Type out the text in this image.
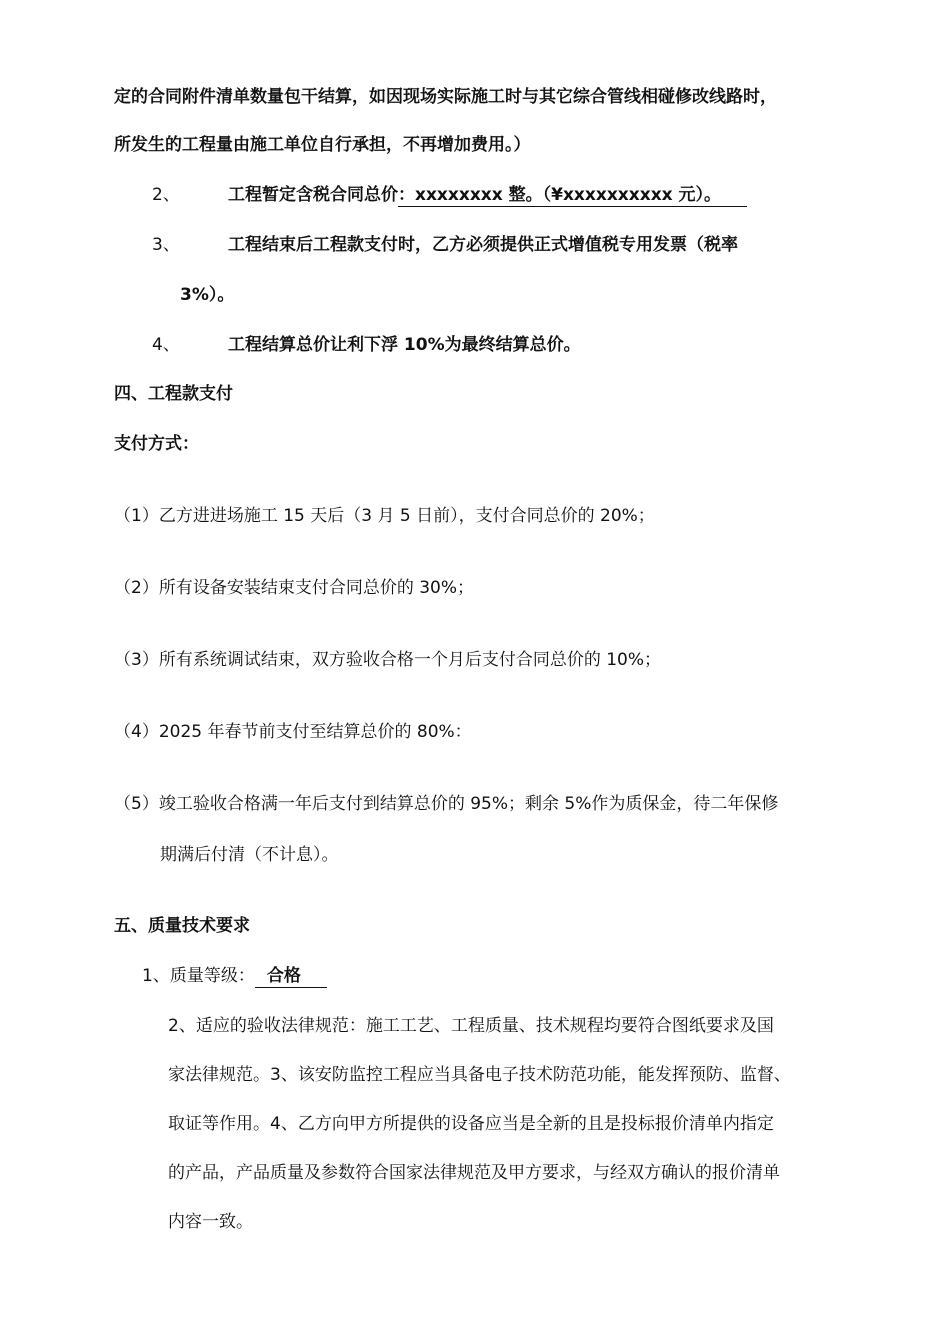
定的合同附件清单数量包干结算，如因现场实际施工时与其它综合管线相碰修改线路时，
所发生的工程量由施工单位自行承担，不再增加费用。）
2、	工程暂定含税合同总价：xxxxxxxx 整。（¥xxxxxxxxxx 元）。
3、	工程结束后工程款支付时，乙方必须提供正式增值税专用发票（税率
3%）。
4、	工程结算总价让利下浮 10%为最终结算总价。
四、工程款支付
支付方式：
（1）乙方进进场施工 15 天后（3 月 5 日前），支付合同总价的 20%；
（2）所有设备安装结束支付合同总价的 30%；
（3）所有系统调试结束，双方验收合格一个月后支付合同总价的 10%；
（4）2025 年春节前支付至结算总价的 80%：
（5）竣工验收合格满一年后支付到结算总价的 95%；剩余 5%作为质保金，待二年保修
期满后付清（不计息）。
五、质量技术要求
1、质量等级： 合格
2、适应的验收法律规范：施工工艺、工程质量、技术规程均要符合图纸要求及国
家法律规范。3、该安防监控工程应当具备电子技术防范功能，能发挥预防、监督、
取证等作用。4、乙方向甲方所提供的设备应当是全新的且是投标报价清单内指定
的产品，产品质量及参数符合国家法律规范及甲方要求，与经双方确认的报价清单
内容一致。
